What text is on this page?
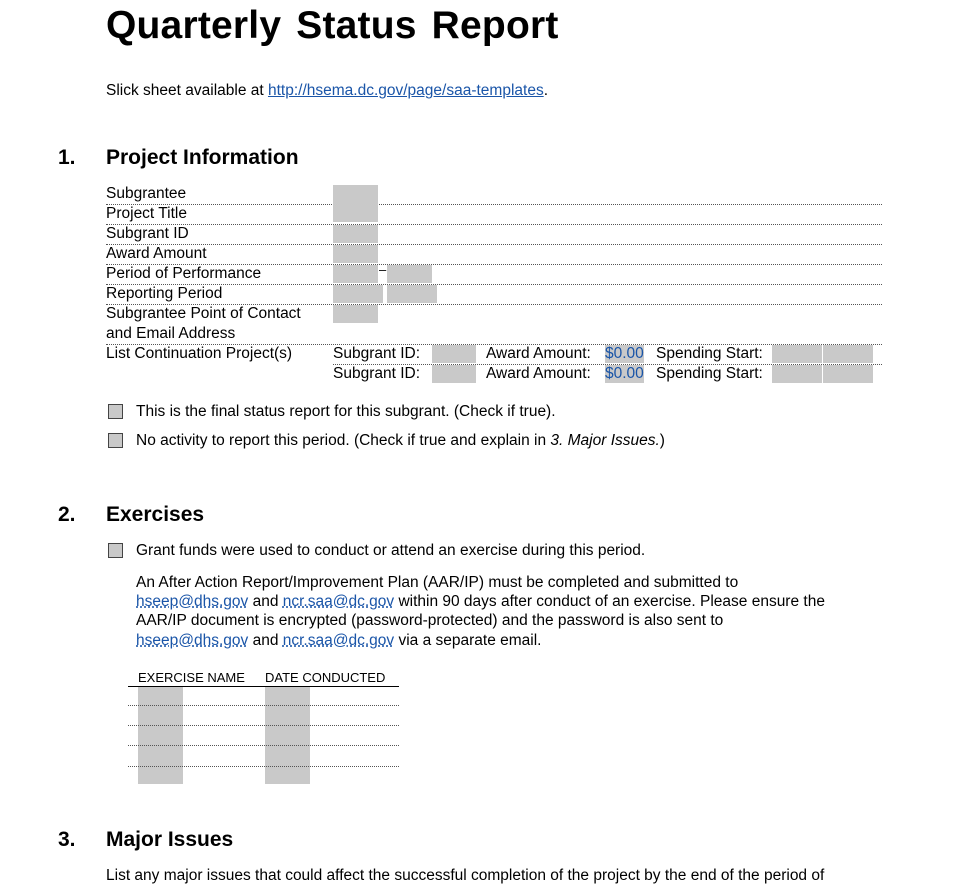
Quarterly Status Report
Slick sheet available at http://hsema.dc.gov/page/saa-templates.
1. Project Information
Subgrantee
Project Title
Subgrant ID
Award Amount
Period of Performance
Reporting Period
Subgrantee Point of Contact
and Email Address
List Continuation Project(s)
–
Subgrant ID:	Award Amount: $0.00 Spending Start:
Subgrant ID:	Award Amount: $0.00 Spending Start:
This is the final status report for this subgrant. (Check if true).
No activity to report this period. (Check if true and explain in 3. Major Issues.)
2. Exercises
Grant funds were used to conduct or attend an exercise during this period.
An After Action Report/Improvement Plan (AAR/IP) must be completed and submitted to
hseep@dhs.gov and ncr.saa@dc.gov within 90 days after conduct of an exercise. Please ensure the
AAR/IP document is encrypted (password-protected) and the password is also sent to
hseep@dhs.gov and ncr.saa@dc.gov via a separate email.
EXERCISE NAME DATE CONDUCTED
3. Major Issues
List any major issues that could affect the successful completion of the project by the end of the period of
